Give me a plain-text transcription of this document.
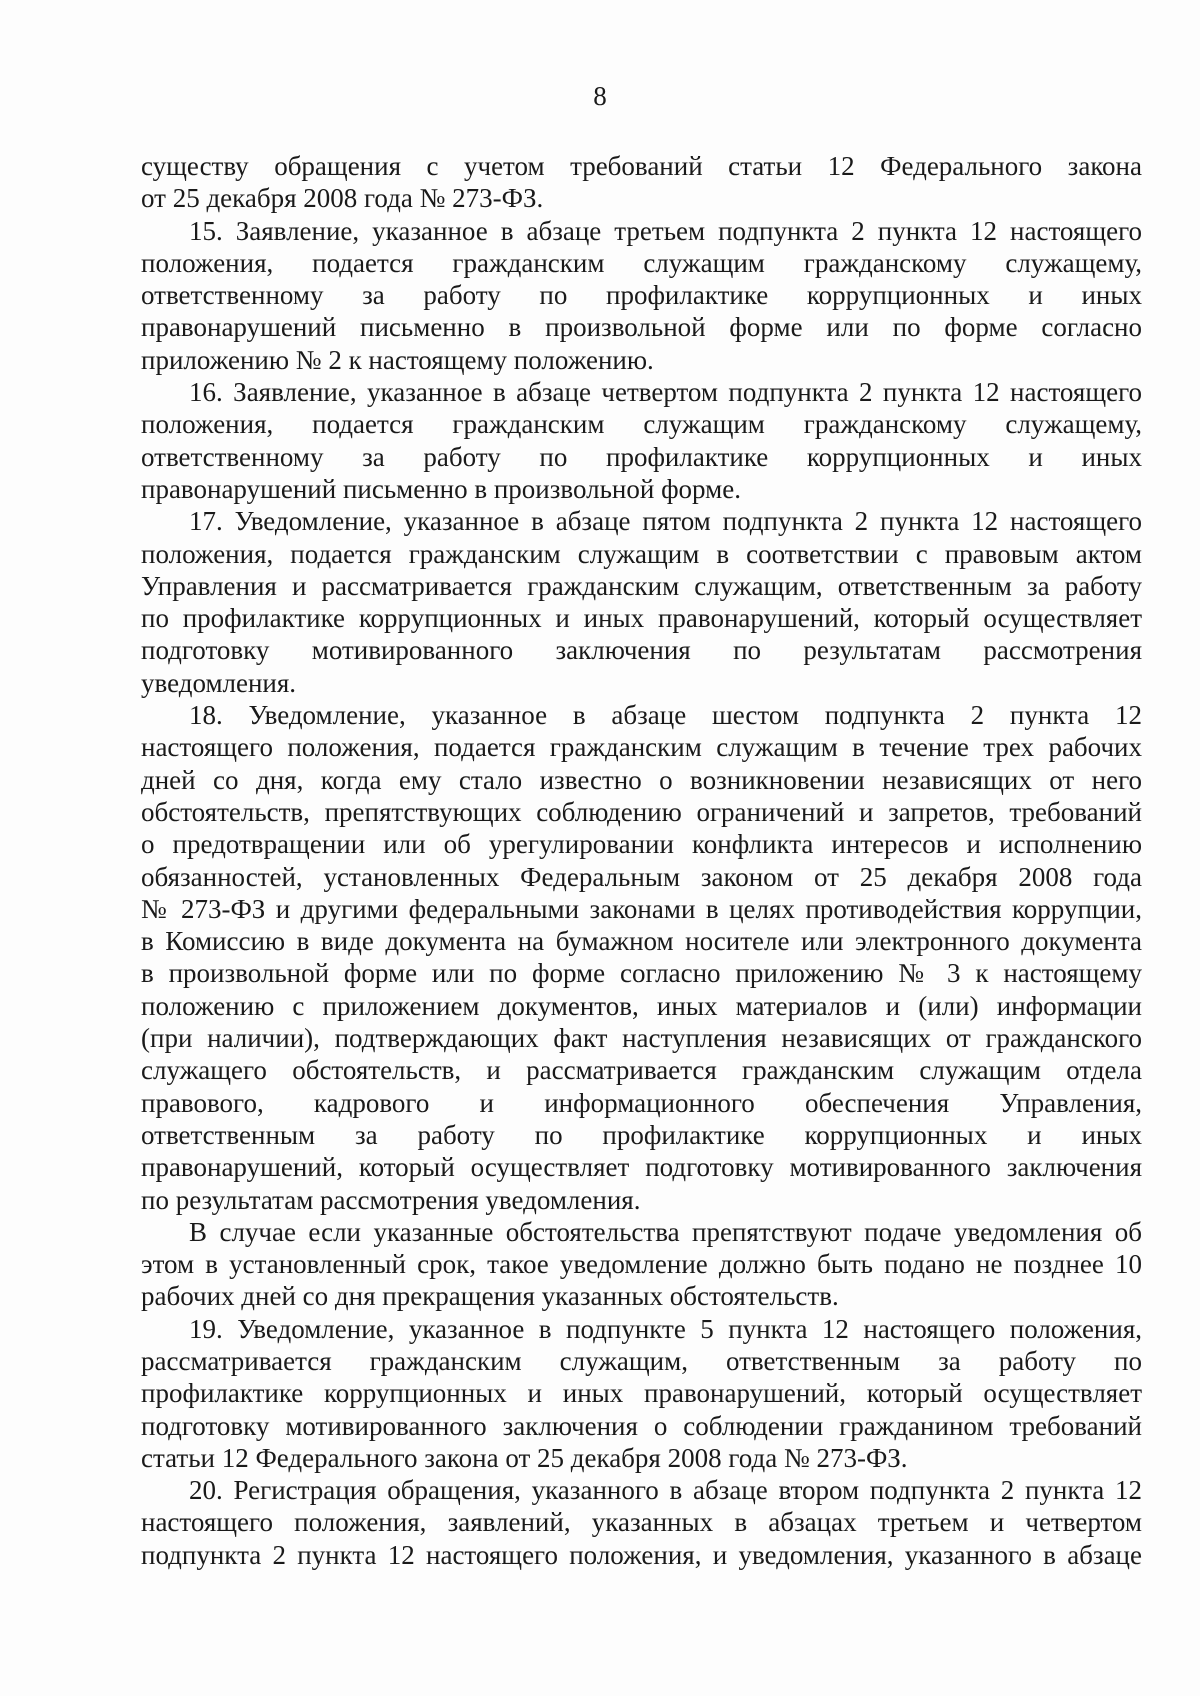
8
существу обращения с учетом требований статьи 12 Федерального закона
от 25 декабря 2008 года № 273-ФЗ.
15. Заявление, указанное в абзаце третьем подпункта 2 пункта 12 настоящего
положения, подается гражданским служащим гражданскому служащему,
ответственному за работу по профилактике коррупционных и иных
правонарушений письменно в произвольной форме или по форме согласно
приложению № 2 к настоящему положению.
16. Заявление, указанное в абзаце четвертом подпункта 2 пункта 12 настоящего
положения, подается гражданским служащим гражданскому служащему,
ответственному за работу по профилактике коррупционных и иных
правонарушений письменно в произвольной форме.
17. Уведомление, указанное в абзаце пятом подпункта 2 пункта 12 настоящего
положения, подается гражданским служащим в соответствии с правовым актом
Управления и рассматривается гражданским служащим, ответственным за работу
по профилактике коррупционных и иных правонарушений, который осуществляет
подготовку мотивированного заключения по результатам рассмотрения
уведомления.
18. Уведомление, указанное в абзаце шестом подпункта 2 пункта 12
настоящего положения, подается гражданским служащим в течение трех рабочих
дней со дня, когда ему стало известно о возникновении независящих от него
обстоятельств, препятствующих соблюдению ограничений и запретов, требований
о предотвращении или об урегулировании конфликта интересов и исполнению
обязанностей, установленных Федеральным законом от 25 декабря 2008 года
№ 273-ФЗ и другими федеральными законами в целях противодействия коррупции,
в Комиссию в виде документа на бумажном носителе или электронного документа
в произвольной форме или по форме согласно приложению № 3 к настоящему
положению с приложением документов, иных материалов и (или) информации
(при наличии), подтверждающих факт наступления независящих от гражданского
служащего обстоятельств, и рассматривается гражданским служащим отдела
правового, кадрового и информационного обеспечения Управления,
ответственным за работу по профилактике коррупционных и иных
правонарушений, который осуществляет подготовку мотивированного заключения
по результатам рассмотрения уведомления.
В случае если указанные обстоятельства препятствуют подаче уведомления об
этом в установленный срок, такое уведомление должно быть подано не позднее 10
рабочих дней со дня прекращения указанных обстоятельств.
19. Уведомление, указанное в подпункте 5 пункта 12 настоящего положения,
рассматривается гражданским служащим, ответственным за работу по
профилактике коррупционных и иных правонарушений, который осуществляет
подготовку мотивированного заключения о соблюдении гражданином требований
статьи 12 Федерального закона от 25 декабря 2008 года № 273-ФЗ.
20. Регистрация обращения, указанного в абзаце втором подпункта 2 пункта 12
настоящего положения, заявлений, указанных в абзацах третьем и четвертом
подпункта 2 пункта 12 настоящего положения, и уведомления, указанного в абзаце
